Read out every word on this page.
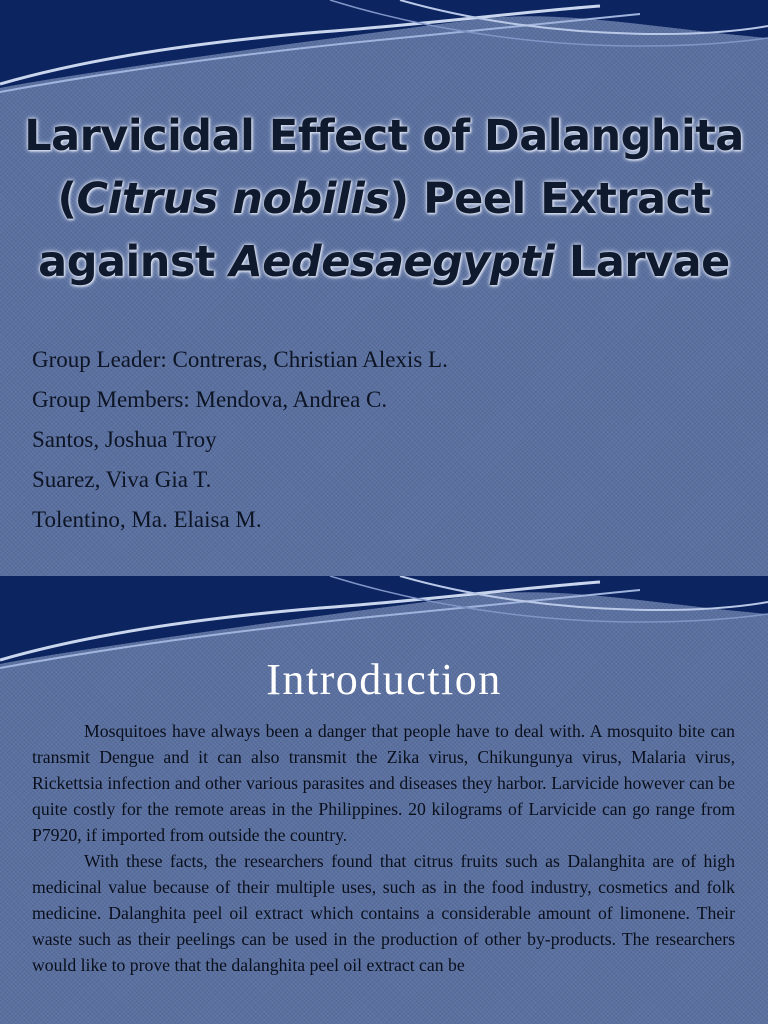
Larvicidal Effect of Dalanghita
(Citrus nobilis) Peel Extract
against Aedesaegypti Larvae
Group Leader: Contreras, Christian Alexis L.
Group Members: Mendova, Andrea C.
Santos, Joshua Troy
Suarez, Viva Gia T.
Tolentino, Ma. Elaisa M.
Introduction

Mosquitoes have always been a danger that people have to deal with. A mosquito bite can transmit Dengue and it can also transmit the Zika virus, Chikungunya virus, Malaria virus, Rickettsia infection and other various parasites and diseases they harbor. Larvicide however can be quite costly for the remote areas in the Philippines. 20 kilograms of Larvicide can go range from P7920, if imported from outside the country.

With these facts, the researchers found that citrus fruits such as Dalanghita are of high medicinal value because of their multiple uses, such as in the food industry, cosmetics and folk medicine. Dalanghita peel oil extract which contains a considerable amount of limonene. Their waste such as their peelings can be used in the production of other by-products. The researchers would like to prove that the dalanghita peel oil extract can be
